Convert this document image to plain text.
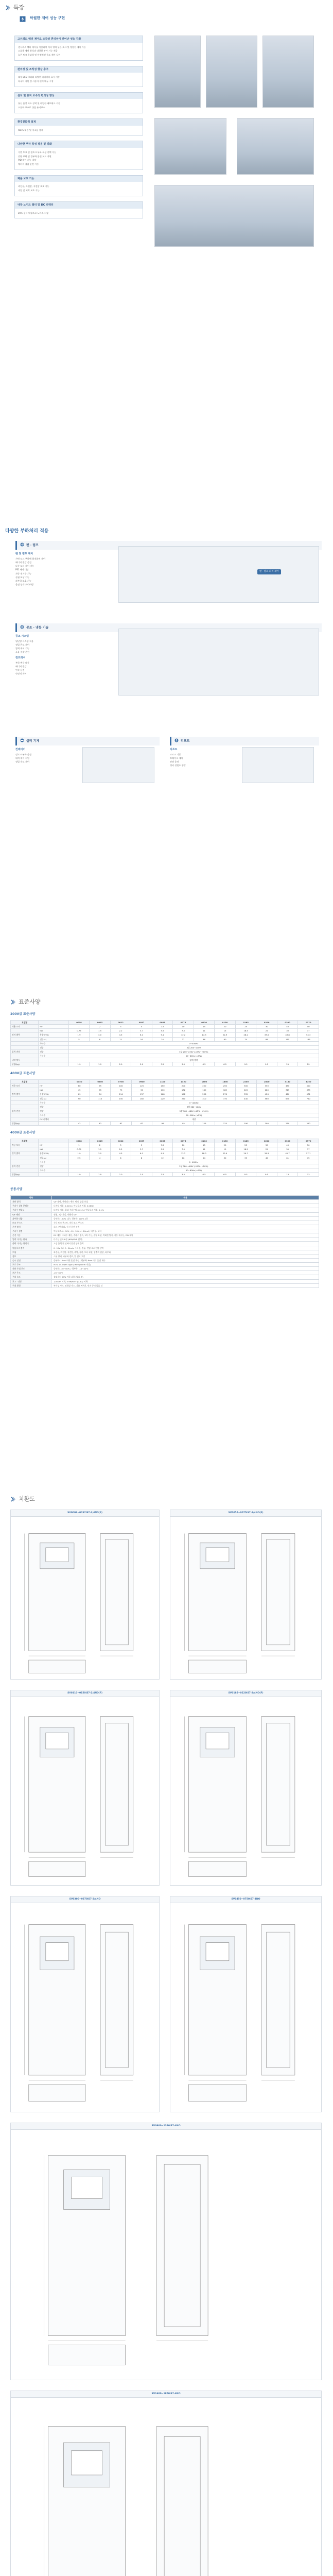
특장
탁월한 제어 성능 구현
고신뢰도 벡터 제어로 조작성 편리성이 뛰어난 성능 강화
센서리스 벡터 제어를 이용하여 저속 영역 높은 토크 및 정밀한 제어 가능
고효율 제어 방식과 다양한 부가 기능 제공
높은 토크 응답성 및 안정적인 속도 제어 실현
편의성 및 조작성 향상 추구
대형 LCD 로더와 다양한 파라미터 표시 기능
다국어 지원 및 사용자 편의 메뉴 구성
설치 및 유지 보수의 편의성 향상
통신 옵션 카드 장착 및 다양한 네트워크 지원
모듈화 구조로 쉬운 유지보수
환경친화적 설계
RoHS 대응 및 저소음 설계
다양한 부하 특성 적용 및 강화
가변 토크 및 정토크 부하 특성 선택 가능
중량 부하 및 경부하 운전 모드 지원
PID 제어 기능 내장
에너지 절감 운전 기능
제품 보호 기능
과전류, 과전압, 저전압 보호 기능
과열 및 지락 보호 기능
내장 노이즈 필터 및 DC 리액터
EMC 필터 내장으로 노이즈 저감
다양한 부하처리 적용
팬 · 펌프
팬 및 펌프 제어
가변 토크 부하에 최적화된 제어
에너지 절감 운전
다중 모터 제어 기능
PID 제어 내장
자동 재기동 기능
슬립 보상 기능
과부하 보호 기능
운전 상태 모니터링
팬 · 펌프 최적 제어
공조 · 냉동 기술
공조 시스템
냉난방 시스템 적용
정밀 온도 제어
압력 제어 기능
소음 저감 운전
컴프레셔
부하 변동 대응
에너지 절감
연속 운전
안정적 제어
설비 기계
컨베이어
정토크 부하 운전
위치 제어 지원
정밀 속도 제어
리프트
리프트
고토크 기동
브레이크 제어
안전 운전
정지 정밀도 향상
표준사양
200V급 표준사양
모델명		0008	0015	0022	0037	0055	0075	0110	0150	0185	0220	0300	0370
적용 모터	HP	1	2	3	5	7.5	10	15	20	25	30	40	50
	kW	0.75	1.5	2.2	3.7	5.5	7.5	11	15	18.5	22	30	37
정격 출력	용량(kVA)	1.9	3.0	4.5	6.1	9.1	12.2	17.5	22.9	28.2	33.5	43.8	54.3
	전류(A)	5	8	12	16	24	32	46	60	74	88	115	145
	주파수	0~400Hz											
	전압	3상 200~230V											
입력 전원	전압	3상 200~230V (-15%~+10%)											
	주파수	50~60Hz (±5%)											
냉각 방식		강제 냉각											
중량(kg)		1.9	1.9	2.0	2.0	3.5	3.5	6.5	6.5	9.5	9.5	29	29
400V급 표준사양
모델명		0450	0550	0750	0900	1100	1320	1600	1850	2200	2800	3150	3750
적용 모터	HP	60	75	100	125	150	200	250	250	300	350	450	500
	kW	45	55	75	90	110	132	160	185	220	280	315	375
정격 출력	용량(kVA)	69	84	114	137	168	198	236	276	335	426	480	571
	전류(A)	90	110	150	180	220	260	310	370	440	560	630	750
	주파수	0~400Hz											
	전압	3상 380~480V											
입력 전원	전압	3상 380~480V (-15%~+10%)											
	주파수	50~60Hz (±5%)											
	DC 리액터	내장											
중량(kg)		42	42	67	67	95	95	125	125	190	190	250	250
400V급 표준사양
모델명		0008	0015	0022	0037	0055	0075	0110	0150	0185	0220	0300	0370
적용 모터	HP	1	2	3	5	7.5	10	15	20	25	30	40	50
	kW	0.75	1.5	2.2	3.7	5.5	7.5	11	15	18.5	22	30	37
정격 출력	용량(kVA)	1.9	3.0	4.5	6.1	9.1	12.2	18.3	22.9	29.7	34.3	45.7	57.1
	전류(A)	2.5	4	6	8	12	16	24	30	39	45	61	75
	주파수	0~400Hz											
입력 전원	전압	3상 380~480V (-15%~+10%)											
	주파수	50~60Hz (±5%)											
중량(kg)		1.9	1.9	2.0	2.0	3.5	3.5	6.5	6.5	9.5	9.5	13	13
공통사양
항목	내용
제어 방식	V/F 제어, 센서리스 벡터 제어, 슬립 보상
주파수 설정 분해능	디지털 지령: 0.01Hz / 아날로그 지령: 0.06Hz
주파수 정밀도	디지털 지령: 최대 주파수의 0.01% / 아날로그 지령: 0.1%
V/F 패턴	선형, 2승 저감, 사용자 V/F
과부하 내량	중부하: 150% 1분 / 경부하: 120% 1분
토크 부스트	수동 토크 부스트, 자동 토크 부스트
운전 방식	로더 / 단자대 / 통신 운전 선택
주파수 설정	아날로그: 0~10V, -10~10V, 4~20mA / 디지털: 로더
운전 기능	DC 제동, 주파수 제한, 주파수 점프, 2차 기능, 슬립 보상, 역회전 방지, 자동 재시동, PID 제어
입력 다기능 단자	다기능 단자 8점 (NPN/PNP 선택)
출력 다기능 릴레이	고장 출력 및 인버터 운전 상태 출력
아날로그 출력	0~12V DC, 0~24mA: 주파수, 전류, 전압, DC 전압 선택
트립	과전류, 과전압, 저전압, 과열, 지락, 모터 과열, 입출력 결상, 과부하
경보	스톨 방지, 과부하 경보, 열 센서 고장
순시 정전	중부하: 15ms 이내 운전 계속 / 경부하: 8ms 이내 운전 계속
보호 구조	IP20, UL Open Type / IP00 (90kW 이상)
사용 주위 온도	중부하: -10~50℃ / 경부하: -10~40℃
보존 온도	-20~65℃
주위 습도	상대습도 90% 이하 (결로 없을 것)
표고 · 진동	1,000m 이하, 5.9m/sec² (0.6G) 이하
주위 환경	부식성 가스, 인화성 가스, 기름 찌꺼기, 먼지 등이 없을 것
치환도
SV0008~0037iS7-2/4NO(F)	SV0055~0075iS7-2/4NO(F)
SV0110~0150iS7-2/4NO(F)	SV0185~0220iS7-2/4NO(F)
SV0300~0370iS7-2/4NO	SV0450~0750iS7-4NO
SV0900~1320iS7-4NO
SV1600~1850iS7-4NO
